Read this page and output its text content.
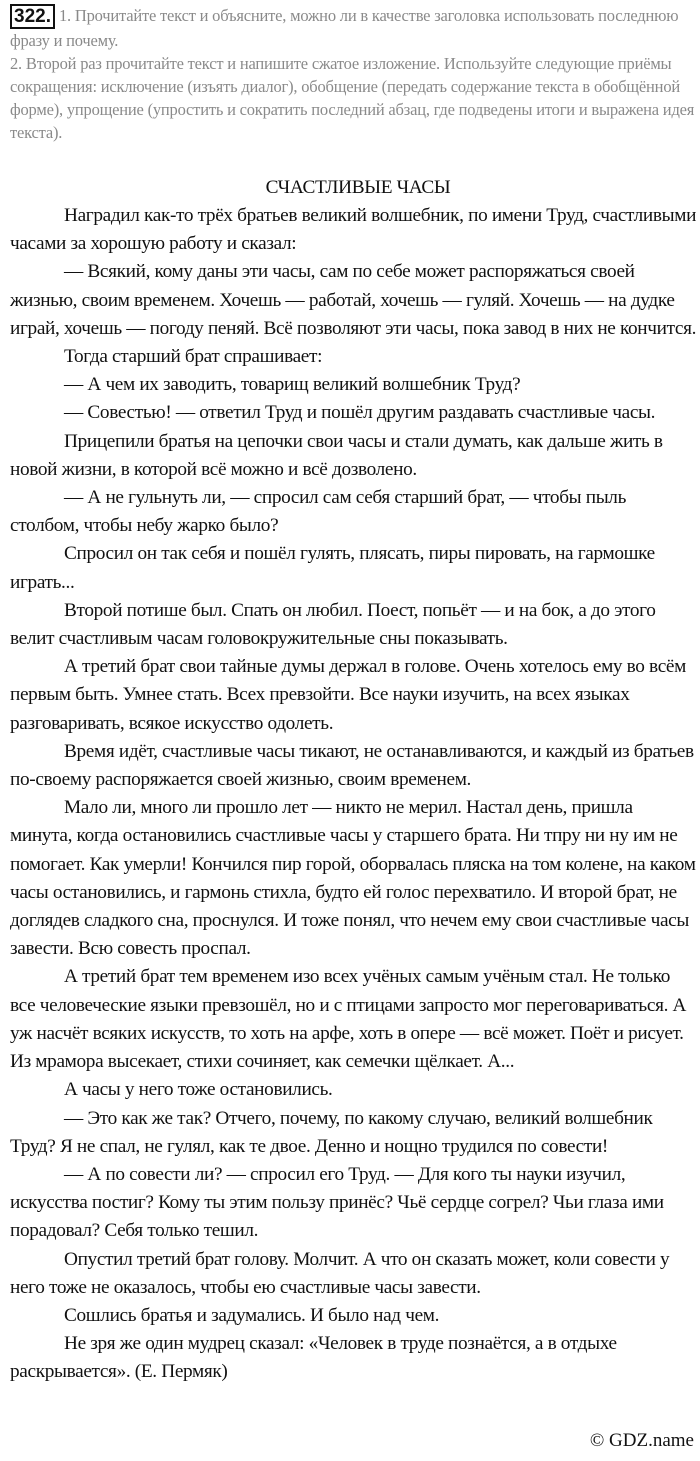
322. 1. Прочитайте текст и объясните, можно ли в качестве заголовка использовать последнюю фразу и почему.

2. Второй раз прочитайте текст и напишите сжатое изложение. Используйте следующие приёмы сокращения: исключение (изъять диалог), обобщение (передать содержание текста в обобщённой форме), упрощение (упростить и сократить последний абзац, где подведены итоги и выражена идея текста).

СЧАСТЛИВЫЕ ЧАСЫ

Наградил как-то трёх братьев великий волшебник, по имени Труд, счастливыми часами за хорошую работу и сказал:

— Всякий, кому даны эти часы, сам по себе может распоряжаться своей жизнью, своим временем. Хочешь — работай, хочешь — гуляй. Хочешь — на дудке играй, хочешь — погоду пеняй. Всё позволяют эти часы, пока завод в них не кончится.

Тогда старший брат спрашивает:

— А чем их заводить, товарищ великий волшебник Труд?

— Совестью! — ответил Труд и пошёл другим раздавать счастливые часы.

Прицепили братья на цепочки свои часы и стали думать, как дальше жить в новой жизни, в которой всё можно и всё дозволено.

— А не гульнуть ли, — спросил сам себя старший брат, — чтобы пыль столбом, чтобы небу жарко было?

Спросил он так себя и пошёл гулять, плясать, пиры пировать, на гармошке играть...

Второй потише был. Спать он любил. Поест, попьёт — и на бок, а до этого велит счастливым часам головокружительные сны показывать.

А третий брат свои тайные думы держал в голове. Очень хотелось ему во всём первым быть. Умнее стать. Всех превзойти. Все науки изучить, на всех языках разговаривать, всякое искусство одолеть.

Время идёт, счастливые часы тикают, не останавливаются, и каждый из братьев по-своему распоряжается своей жизнью, своим временем.

Мало ли, много ли прошло лет — никто не мерил. Настал день, пришла минута, когда остановились счастливые часы у старшего брата. Ни тпру ни ну им не помогает. Как умерли! Кончился пир горой, оборвалась пляска на том колене, на каком часы остановились, и гармонь стихла, будто ей голос перехватило. И второй брат, не доглядев сладкого сна, проснулся. И тоже понял, что нечем ему свои счастливые часы завести. Всю совесть проспал.

А третий брат тем временем изо всех учёных самым учёным стал. Не только все человеческие языки превзошёл, но и с птицами запросто мог переговариваться. А уж насчёт всяких искусств, то хоть на арфе, хоть в опере — всё может. Поёт и рисует. Из мрамора высекает, стихи сочиняет, как семечки щёлкает. А...

А часы у него тоже остановились.

— Это как же так? Отчего, почему, по какому случаю, великий волшебник Труд? Я не спал, не гулял, как те двое. Денно и нощно трудился по совести!

— А по совести ли? — спросил его Труд. — Для кого ты науки изучил, искусства постиг? Кому ты этим пользу принёс? Чьё сердце согрел? Чьи глаза ими порадовал? Себя только тешил.

Опустил третий брат голову. Молчит. А что он сказать может, коли совести у него тоже не оказалось, чтобы ею счастливые часы завести.

Сошлись братья и задумались. И было над чем.

Не зря же один мудрец сказал: «Человек в труде познаётся, а в отдыхе раскрывается». (Е. Пермяк)

© GDZ.name
